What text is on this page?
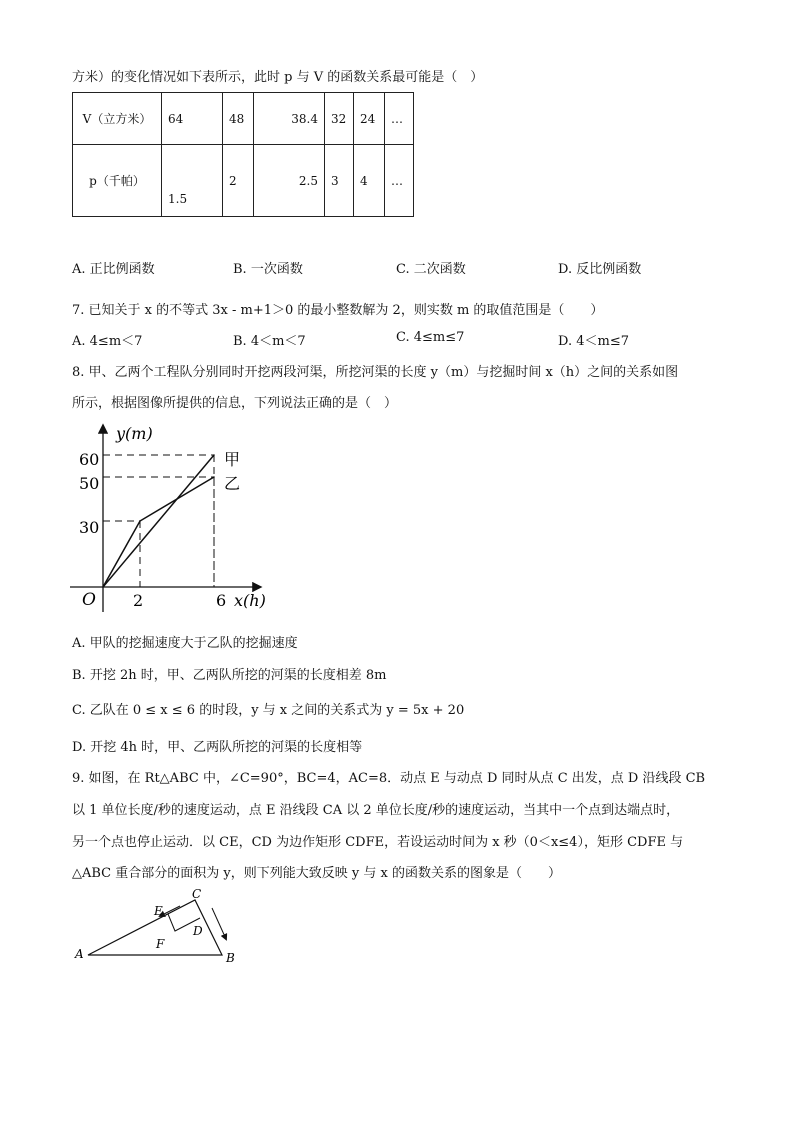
方米）的变化情况如下表所示，此时 p 与 V 的函数关系最可能是（　）
V（立方米）	64	48	38.4	32	24	…
p（千帕）	1.5	2	2.5	3	4	…
A. 正比例函数	B. 一次函数	C. 二次函数	D. 反比例函数
7. 已知关于 x 的不等式 3x - m+1＞0 的最小整数解为 2，则实数 m 的取值范围是（　　）
A. 4≤m＜7	B. 4＜m＜7	C. 4≤m≤7	D. 4＜m≤7
8. 甲、乙两个工程队分别同时开挖两段河渠，所挖河渠的长度 y（m）与挖掘时间 x（h）之间的关系如图
所示，根据图像所提供的信息，下列说法正确的是（　）
y(m)
x(h)
O
60
50
30
2	6
甲
乙
A. 甲队的挖掘速度大于乙队的挖掘速度
B. 开挖 2h 时，甲、乙两队所挖的河渠的长度相差 8m
C. 乙队在 0 ≤ x ≤ 6 的时段，y 与 x 之间的关系式为 y = 5x + 20
D. 开挖 4h 时，甲、乙两队所挖的河渠的长度相等
9. 如图，在 Rt△ABC 中，∠C=90°，BC=4，AC=8．动点 E 与动点 D 同时从点 C 出发，点 D 沿线段 CB
以 1 单位长度/秒的速度运动，点 E 沿线段 CA 以 2 单位长度/秒的速度运动，当其中一个点到达端点时，
另一个点也停止运动．以 CE，CD 为边作矩形 CDFE，若设运动时间为 x 秒（0＜x≤4），矩形 CDFE 与
△ABC 重合部分的面积为 y，则下列能大致反映 y 与 x 的函数关系的图象是（　　）
A	B
C
D
E
F
